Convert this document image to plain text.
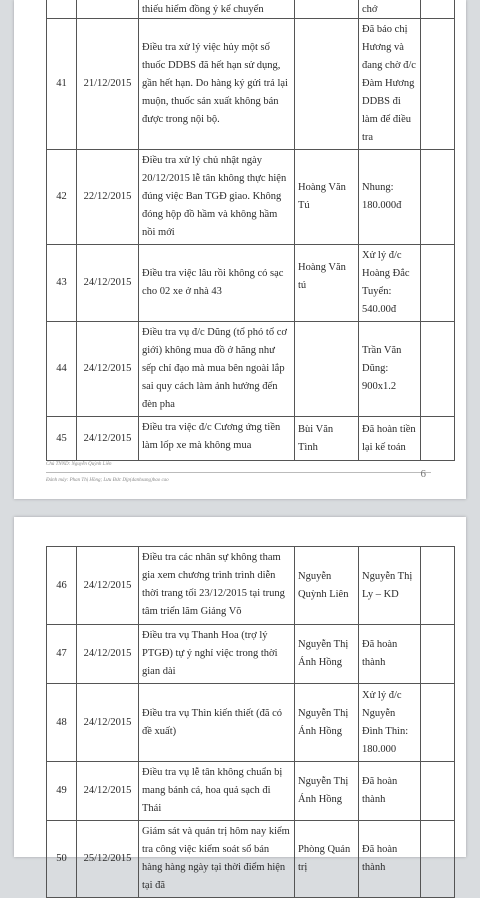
		thiếu hiểm đồng ý kể chuyển		chớ	
41	21/12/2015	Điều tra xử lý việc hủy một số thuốc DDBS đã hết hạn sử dụng, gần hết hạn. Do hàng ký gửi trả lại muộn, thuốc sản xuất không bán được trong nội bộ.		Đã báo chị Hương và đang chờ đ/c Đàm Hương DDBS đi làm để điều tra	
42	22/12/2015	Điều tra xử lý chủ nhật ngày 20/12/2015 lễ tân không thực hiện đúng việc Ban TGĐ giao. Không đóng hộp đồ hầm và không hầm nồi mới	Hoàng Văn Tú	Nhung: 180.000đ	
43	24/12/2015	Điều tra việc lâu rồi không có sạc cho 02 xe ở nhà 43	Hoàng Văn tú	Xử lý đ/c Hoàng Đắc Tuyển: 540.00đ	
44	24/12/2015	Điều tra vụ đ/c Dũng (tổ phó tổ cơ giới) không mua đồ ở hãng như sếp chỉ đạo mà mua bên ngoài lắp sai quy cách làm ảnh hưởng đến đèn pha		Trần Văn Dũng: 900x1.2	
45	24/12/2015	Điều tra việc đ/c Cương ứng tiền làm lốp xe mà không mua	Bùi Văn Tình	Đã hoàn tiền lại kế toán	
Chủ TNND: Nguyễn Quỳnh Liên
Đánh máy: Phan Thị Hồng; Lưu Đức Dịp(danhsang)bao cao
6
46	24/12/2015	Điều tra các nhân sự không tham gia xem chương trình trình diễn thời trang tối 23/12/2015 tại trung tâm triển lãm Giảng Võ	Nguyễn Quỳnh Liên	Nguyễn Thị Ly – KD	
47	24/12/2015	Điều tra vụ Thanh Hoa (trợ lý PTGĐ) tự ý nghỉ việc trong thời gian dài	Nguyễn Thị Ánh Hồng	Đã hoàn thành	
48	24/12/2015	Điều tra vụ Thìn kiến thiết (đã có đề xuất)	Nguyễn Thị Ánh Hồng	Xử lý đ/c Nguyễn Đình Thìn: 180.000	
49	24/12/2015	Điều tra vụ lễ tân không chuẩn bị mang bánh cá, hoa quả sạch đi Thái	Nguyễn Thị Ánh Hồng	Đã hoàn thành	
50	25/12/2015	Giám sát và quản trị hôm nay kiểm tra công việc kiểm soát sổ bán hàng hàng ngày tại thời điểm hiện tại đã	Phòng Quản trị	Đã hoàn thành	
